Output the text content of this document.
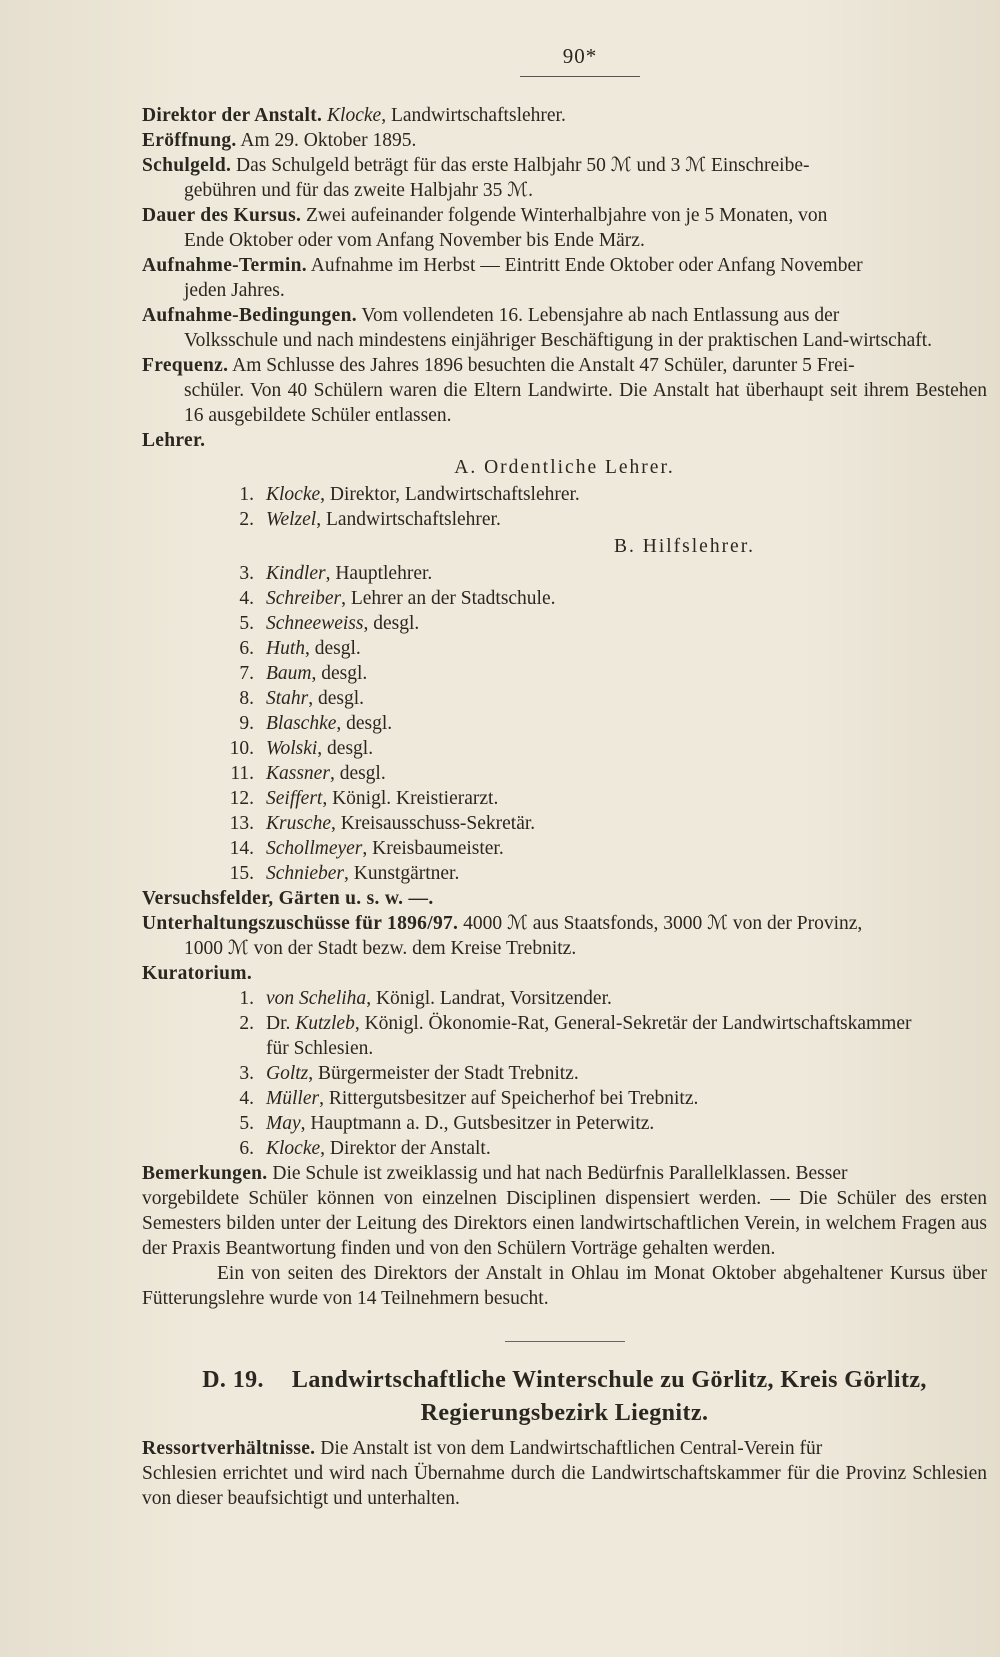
90*

Direktor der Anstalt. Klocke, Landwirtschaftslehrer.

Eröffnung. Am 29. Oktober 1895.

Schulgeld. Das Schulgeld beträgt für das erste Halbjahr 50 ℳ und 3 ℳ Einschreibe-
gebühren und für das zweite Halbjahr 35 ℳ.

Dauer des Kursus. Zwei aufeinander folgende Winterhalbjahre von je 5 Monaten, von
Ende Oktober oder vom Anfang November bis Ende März.

Aufnahme-Termin. Aufnahme im Herbst — Eintritt Ende Oktober oder Anfang November
jeden Jahres.

Aufnahme-Bedingungen. Vom vollendeten 16. Lebensjahre ab nach Entlassung aus der
Volksschule und nach mindestens einjähriger Beschäftigung in der praktischen Land-wirtschaft.

Frequenz. Am Schlusse des Jahres 1896 besuchten die Anstalt 47 Schüler, darunter 5 Frei-
schüler. Von 40 Schülern waren die Eltern Landwirte. Die Anstalt hat überhaupt seit ihrem Bestehen 16 ausgebildete Schüler entlassen.

Lehrer.

A. Ordentliche Lehrer.

1. Klocke, Direktor, Landwirtschaftslehrer.
2. Welzel, Landwirtschaftslehrer.

B. Hilfslehrer.

3. Kindler, Hauptlehrer.
4. Schreiber, Lehrer an der Stadtschule.
5. Schneeweiss, desgl.
6. Huth, desgl.
7. Baum, desgl.
8. Stahr, desgl.
9. Blaschke, desgl.
10. Wolski, desgl.
11. Kassner, desgl.
12. Seiffert, Königl. Kreistierarzt.
13. Krusche, Kreisausschuss-Sekretär.
14. Schollmeyer, Kreisbaumeister.
15. Schnieber, Kunstgärtner.

Versuchsfelder, Gärten u. s. w. —.

Unterhaltungszuschüsse für 1896/97. 4000 ℳ aus Staatsfonds, 3000 ℳ von der Provinz,
1000 ℳ von der Stadt bezw. dem Kreise Trebnitz.

Kuratorium.

1. von Scheliha, Königl. Landrat, Vorsitzender.
2. Dr. Kutzleb, Königl. Ökonomie-Rat, General-Sekretär der Landwirtschaftskammer
für Schlesien.
3. Goltz, Bürgermeister der Stadt Trebnitz.
4. Müller, Rittergutsbesitzer auf Speicherhof bei Trebnitz.
5. May, Hauptmann a. D., Gutsbesitzer in Peterwitz.
6. Klocke, Direktor der Anstalt.

Bemerkungen. Die Schule ist zweiklassig und hat nach Bedürfnis Parallelklassen. Besser
vorgebildete Schüler können von einzelnen Disciplinen dispensiert werden. — Die Schüler des ersten Semesters bilden unter der Leitung des Direktors einen landwirtschaftlichen Verein, in welchem Fragen aus der Praxis Beantwortung finden und von den Schülern Vorträge gehalten werden.

Ein von seiten des Direktors der Anstalt in Ohlau im Monat Oktober abgehaltener Kursus über Fütterungslehre wurde von 14 Teilnehmern besucht.

D. 19. Landwirtschaftliche Winterschule zu Görlitz, Kreis Görlitz,
Regierungsbezirk Liegnitz.

Ressortverhältnisse. Die Anstalt ist von dem Landwirtschaftlichen Central-Verein für
Schlesien errichtet und wird nach Übernahme durch die Landwirtschaftskammer für die Provinz Schlesien von dieser beaufsichtigt und unterhalten.
